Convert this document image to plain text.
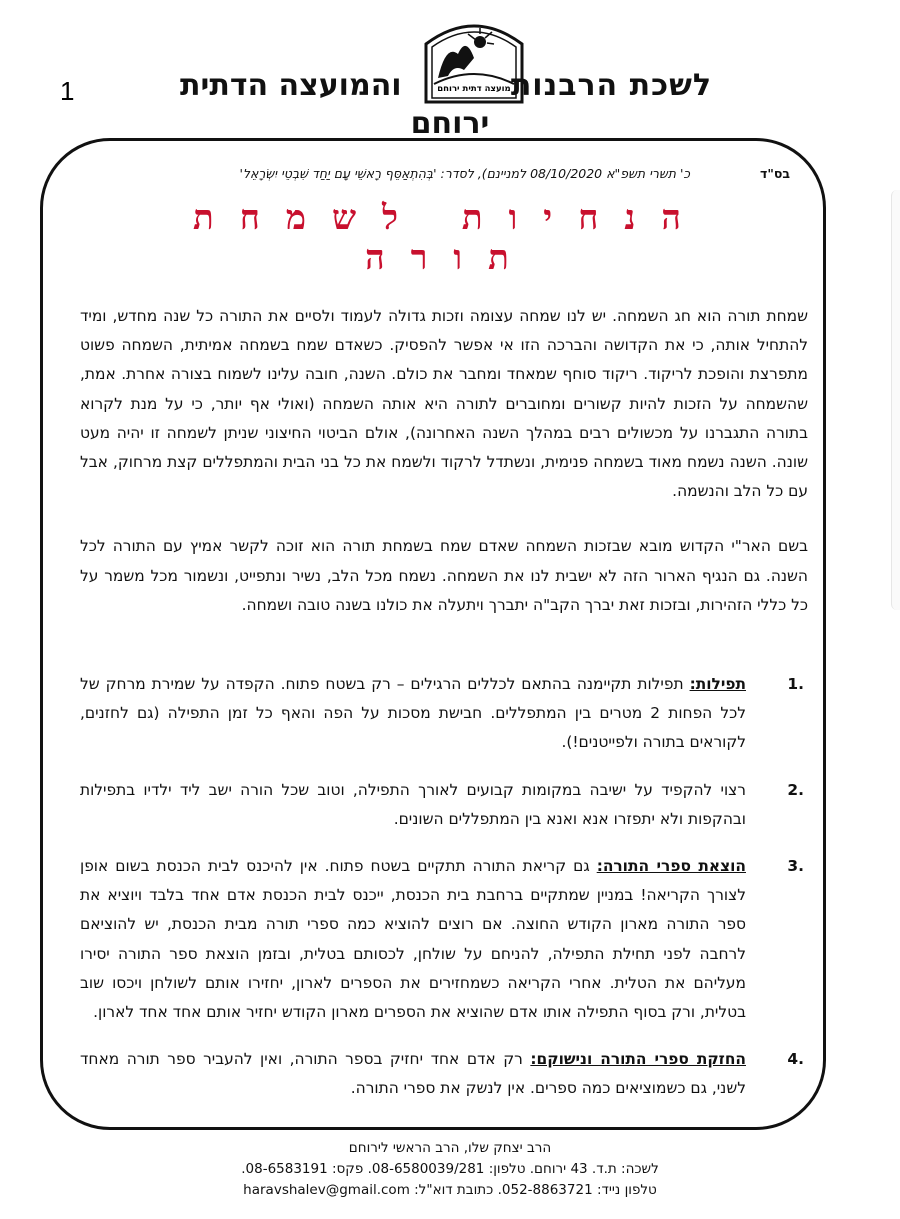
1	מועצה דתית ירוחם לשכת הרבנות
והמועצה הדתית
ירוחם
בס"ד
כ' תשרי תשפ"א 08/10/2020 למניינם), לסדר: 'בְּהִתְאַסֵּף רָאשֵׁי עָם יַחַד שִׁבְטֵי יִשְׂרָאֵל'
הנחיות לשמחת תורה

שמחת תורה הוא חג השמחה. יש לנו שמחה עצומה וזכות גדולה לעמוד ולסיים את התורה כל שנה מחדש, ומיד להתחיל אותה, כי את הקדושה והברכה הזו אי אפשר להפסיק. כשאדם שמח בשמחה אמיתית, השמחה פשוט מתפרצת והופכת לריקוד. ריקוד סוחף שמאחד ומחבר את כולם. השנה, חובה עלינו לשמוח בצורה אחרת. אמת, שהשמחה על הזכות להיות קשורים ומחוברים לתורה היא אותה השמחה (ואולי אף יותר, כי על מנת לקרוא בתורה התגברנו על מכשולים רבים במהלך השנה האחרונה), אולם הביטוי החיצוני שניתן לשמחה זו יהיה מעט שונה. השנה נשמח מאוד בשמחה פנימית, ונשתדל לרקוד ולשמח את כל בני הבית והמתפללים קצת מרחוק, אבל עם כל הלב והנשמה.

בשם האר"י הקדוש מובא שבזכות השמחה שאדם שמח בשמחת תורה הוא זוכה לקשר אמיץ עם התורה לכל השנה. גם הנגיף הארור הזה לא ישבית לנו את השמחה. נשמח מכל הלב, נשיר ונתפייט, ונשמור מכל משמר על כל כללי הזהירות, ובזכות זאת יברך הקב"ה יתברך ויתעלה את כולנו בשנה טובה ושמחה.

.1
תפילות: תפילות תקיימנה בהתאם לכללים הרגילים – רק בשטח פתוח. הקפדה על שמירת מרחק של לכל הפחות 2 מטרים בין המתפללים. חבישת מסכות על הפה והאף כל זמן התפילה (גם לחזנים, לקוראים בתורה ולפייטנים!).
.2
רצוי להקפיד על ישיבה במקומות קבועים לאורך התפילה, וטוב שכל הורה ישב ליד ילדיו בתפילות ובהקפות ולא יתפזרו אנא ואנא בין המתפללים השונים.
.3
הוצאת ספרי התורה: גם קריאת התורה תתקיים בשטח פתוח. אין להיכנס לבית הכנסת בשום אופן לצורך הקריאה! במניין שמתקיים ברחבת בית הכנסת, ייכנס לבית הכנסת אדם אחד בלבד ויוציא את ספר התורה מארון הקודש החוצה. אם רוצים להוציא כמה ספרי תורה מבית הכנסת, יש להוציאם לרחבה לפני תחילת התפילה, להניחם על שולחן, לכסותם בטלית, ובזמן הוצאת ספר התורה יסירו מעליהם את הטלית. אחרי הקריאה כשמחזירים את הספרים לארון, יחזירו אותם לשולחן ויכסו שוב בטלית, ורק בסוף התפילה אותו אדם שהוציא את הספרים מארון הקודש יחזיר אותם אחד אחד לארון.
.4
החזקת ספרי התורה ונישוקם: רק אדם אחד יחזיק בספר התורה, ואין להעביר ספר תורה מאחד לשני, גם כשמוציאים כמה ספרים. אין לנשק את ספרי התורה.
הרב יצחק שלו, הרב הראשי לירוחם
לשכה: ת.ד. 43 ירוחם. טלפון: 08-6580039/281. פקס: 08-6583191.
טלפון נייד: 052-8863721. כתובת דוא"ל: haravshalev@gmail.com
